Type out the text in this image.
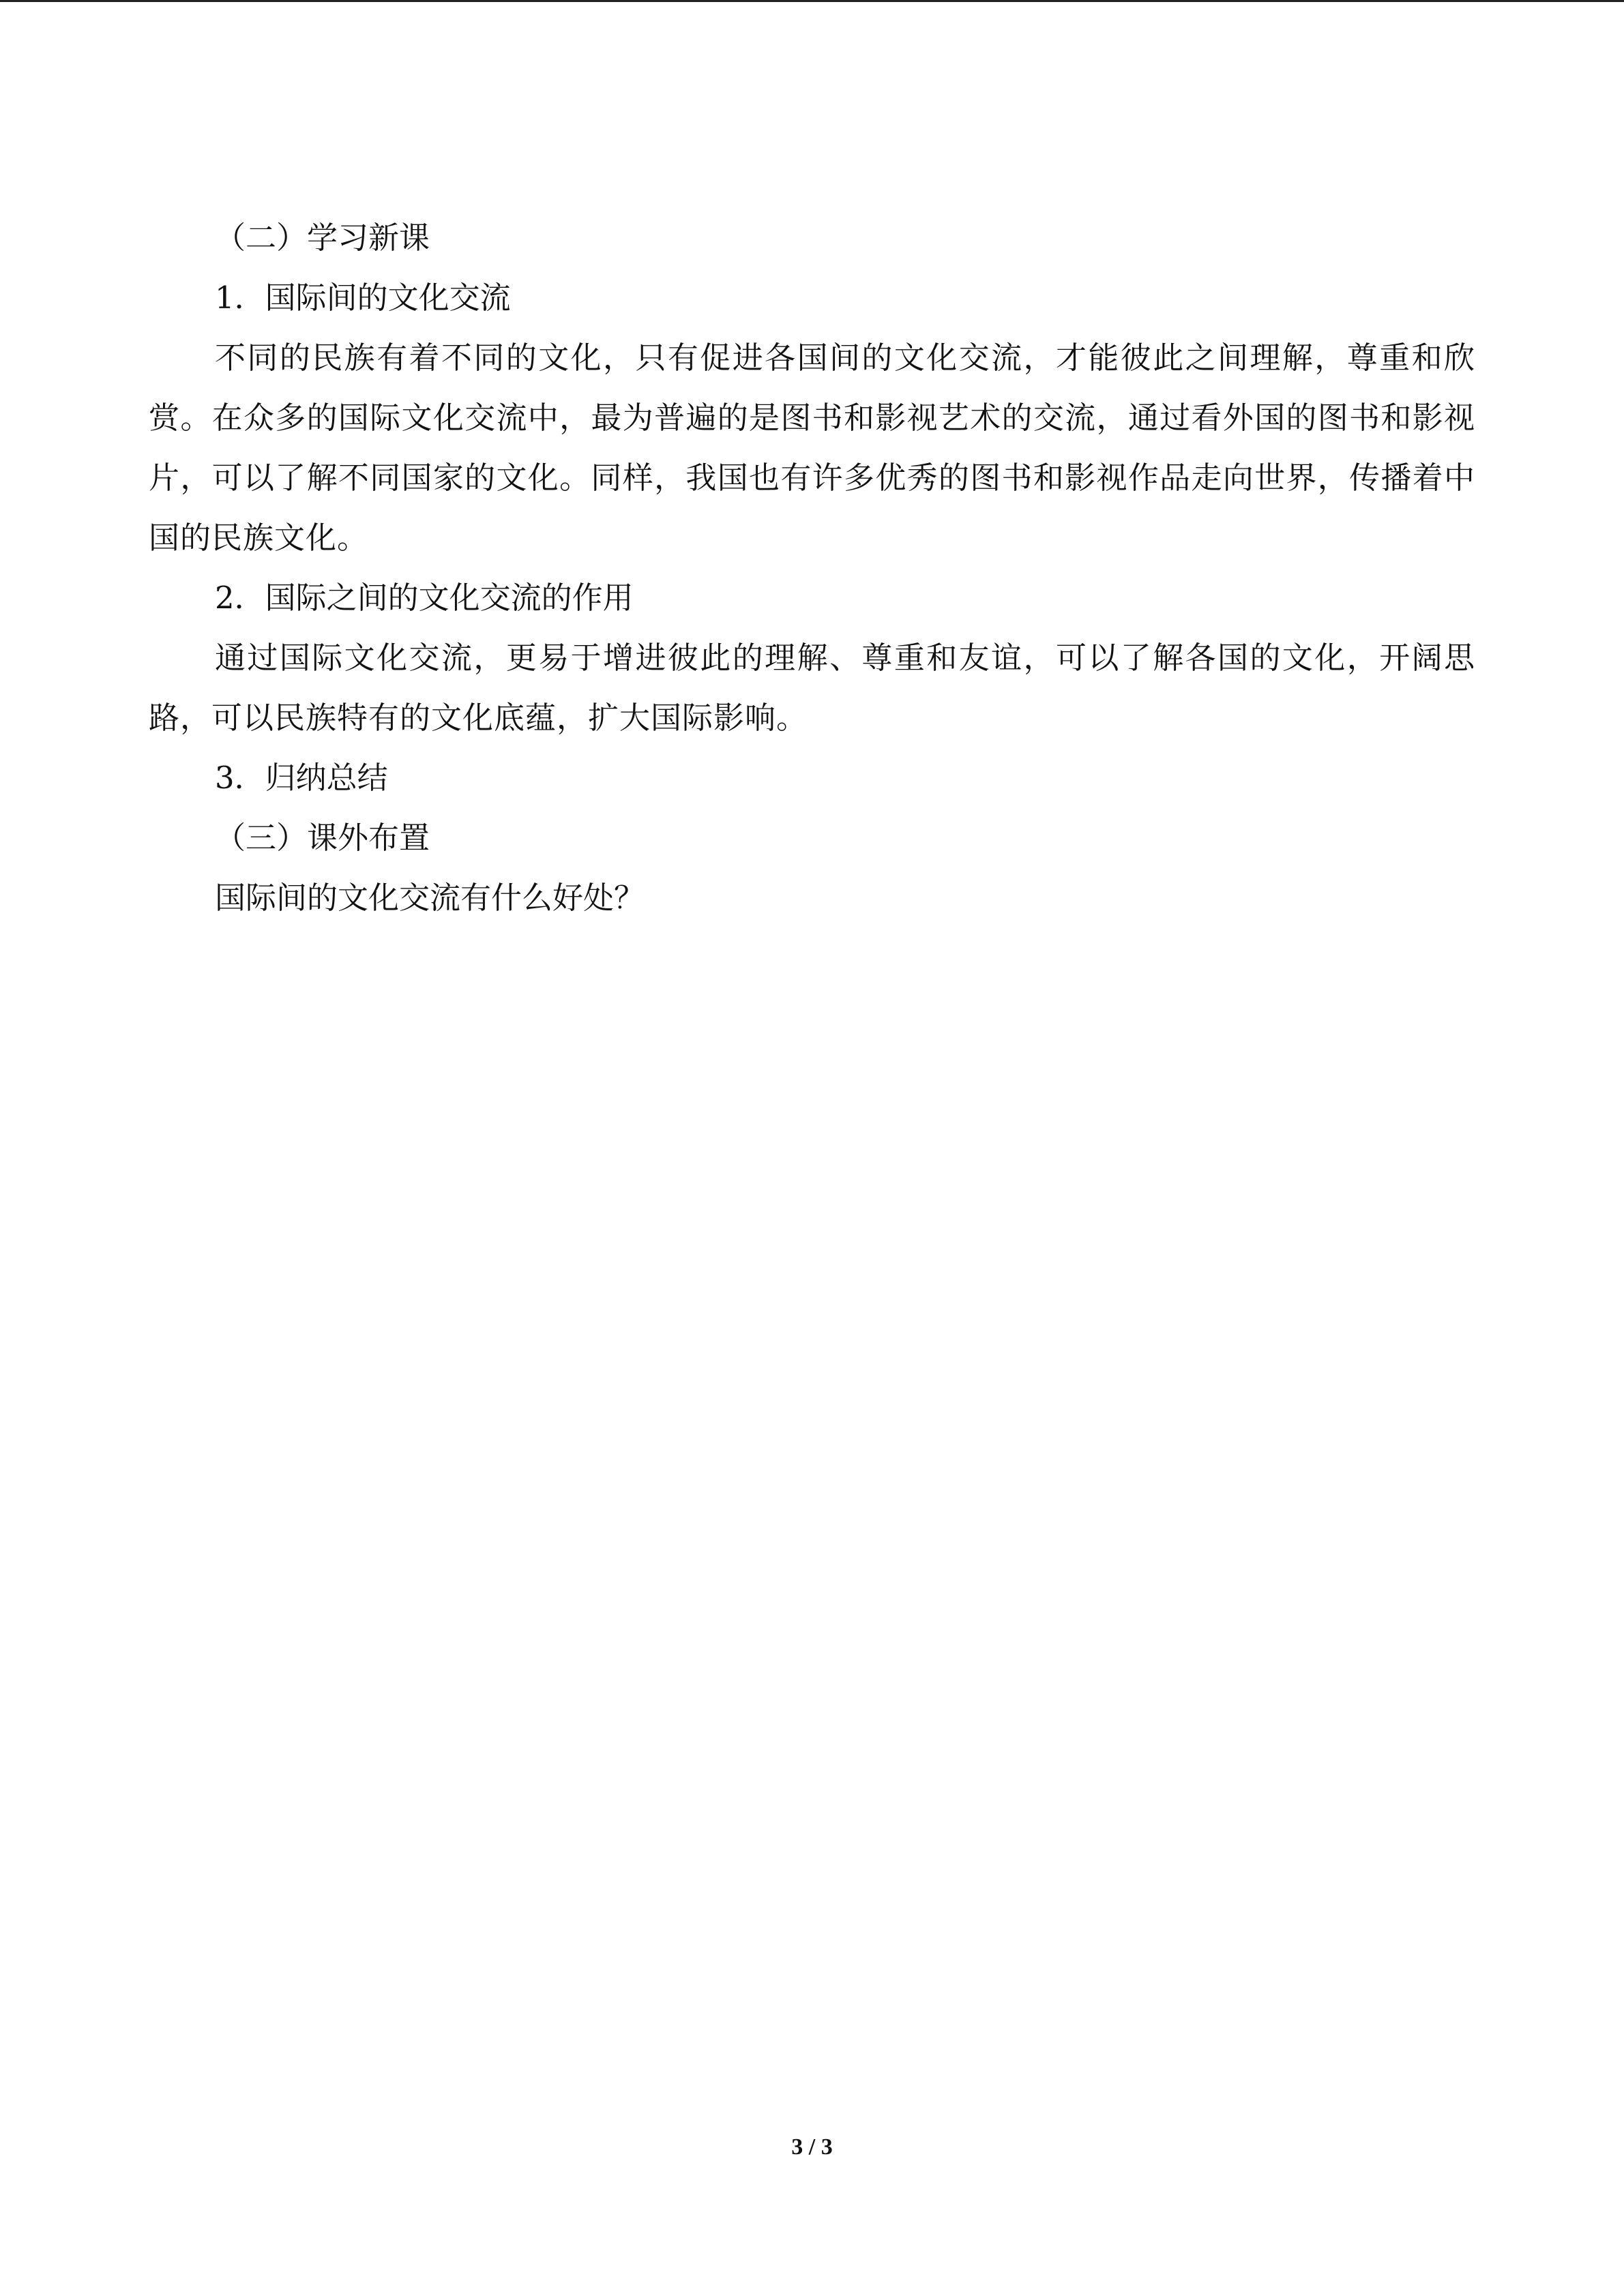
（二）学习新课

1．国际间的文化交流

不同的民族有着不同的文化，只有促进各国间的文化交流，才能彼此之间理解，尊重和欣赏。在众多的国际文化交流中，最为普遍的是图书和影视艺术的交流，通过看外国的图书和影视片，可以了解不同国家的文化。同样，我国也有许多优秀的图书和影视作品走向世界，传播着中国的民族文化。

2．国际之间的文化交流的作用

通过国际文化交流，更易于增进彼此的理解、尊重和友谊，可以了解各国的文化，开阔思路，可以民族特有的文化底蕴，扩大国际影响。

3．归纳总结

（三）课外布置

国际间的文化交流有什么好处？

3 / 3
